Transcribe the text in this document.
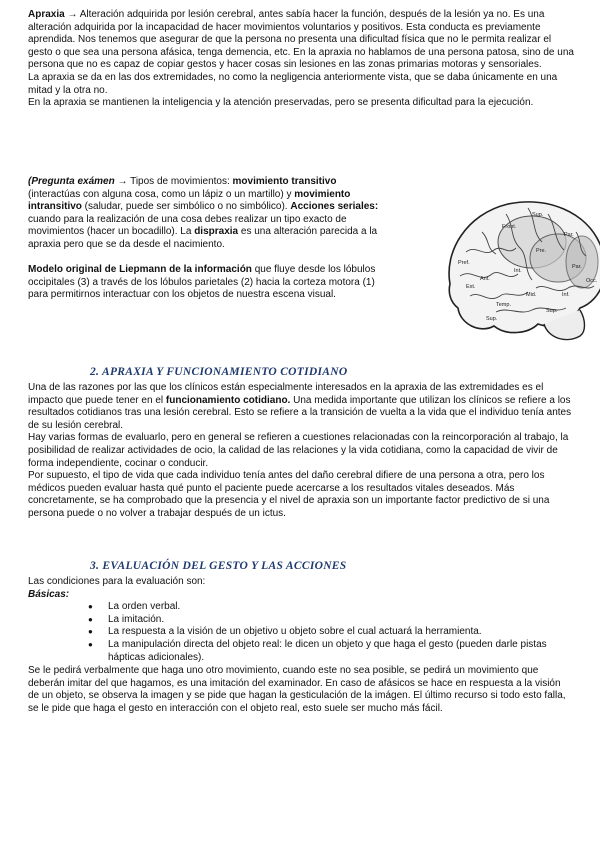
Apraxia → Alteración adquirida por lesión cerebral, antes sabía hacer la función, después de la lesión ya no. Es una alteración adquirida por la incapacidad de hacer movimientos voluntarios y positivos. Esta conducta es previamente aprendida. Nos tenemos que asegurar de que la persona no presenta una dificultad física que no le permita realizar el gesto o que sea una persona afásica, tenga demencia, etc. En la apraxia no hablamos de una persona patosa, sino de una persona que no es capaz de copiar gestos y hacer cosas sin lesiones en las zonas primarias motoras y sensoriales.

La apraxia se da en las dos extremidades, no como la negligencia anteriormente vista, que se daba únicamente en una mitad y la otra no.

En la apraxia se mantienen la inteligencia y la atención preservadas, pero se presenta dificultad para la ejecución.

(Pregunta exámen → Tipos de movimientos: movimiento transitivo (interactúas con alguna cosa, como un lápiz o un martillo) y movimiento intransitivo (saludar, puede ser simbólico o no simbólico). Acciones seriales: cuando para la realización de una cosa debes realizar un tipo exacto de movimientos (hacer un bocadillo). La dispraxia es una alteración parecida a la apraxia pero que se da desde el nacimiento.

Modelo original de Liepmann de la información que fluye desde los lóbulos occipitales (3) a través de los lóbulos parietales (2) hacia la corteza motora (1) para permitirnos interactuar con los objetos de nuestra escena visual.

Pref.
Front.
Temp.
Occ.
Par.
Sup.
Ant.
Int.
Ext.
Mid.
Sup.
Pre.
Inf.
Par.
Sup.
2. APRAXIA Y FUNCIONAMIENTO COTIDIANO

Una de las razones por las que los clínicos están especialmente interesados en la apraxia de las extremidades es el impacto que puede tener en el funcionamiento cotidiano. Una medida importante que utilizan los clínicos se refiere a los resultados cotidianos tras una lesión cerebral. Esto se refiere a la transición de vuelta a la vida que el individuo tenía antes de su lesión cerebral.

Hay varias formas de evaluarlo, pero en general se refieren a cuestiones relacionadas con la reincorporación al trabajo, la posibilidad de realizar actividades de ocio, la calidad de las relaciones y la vida cotidiana, como la capacidad de vivir de forma independiente, cocinar o conducir.

Por supuesto, el tipo de vida que cada individuo tenía antes del daño cerebral difiere de una persona a otra, pero los médicos pueden evaluar hasta qué punto el paciente puede acercarse a los resultados vitales deseados. Más concretamente, se ha comprobado que la presencia y el nivel de apraxia son un importante factor predictivo de si una persona puede o no volver a trabajar después de un ictus.

3. EVALUACIÓN DEL GESTO Y LAS ACCIONES

Las condiciones para la evaluación son:

Básicas:

● La orden verbal.
● La imitación.
● La respuesta a la visión de un objetivo u objeto sobre el cual actuará la herramienta.
● La manipulación directa del objeto real: le dicen un objeto y que haga el gesto (pueden darle pistas hápticas adicionales).

Se le pedirá verbalmente que haga uno otro movimiento, cuando este no sea posible, se pedirá un movimiento que deberán imitar del que hagamos, es una imitación del examinador. En caso de afásicos se hace en respuesta a la visión de un objeto, se observa la imagen y se pide que hagan la gesticulación de la imágen. El último recurso si todo esto falla, se le pide que haga el gesto en interacción con el objeto real, esto suele ser mucho más fácil.
